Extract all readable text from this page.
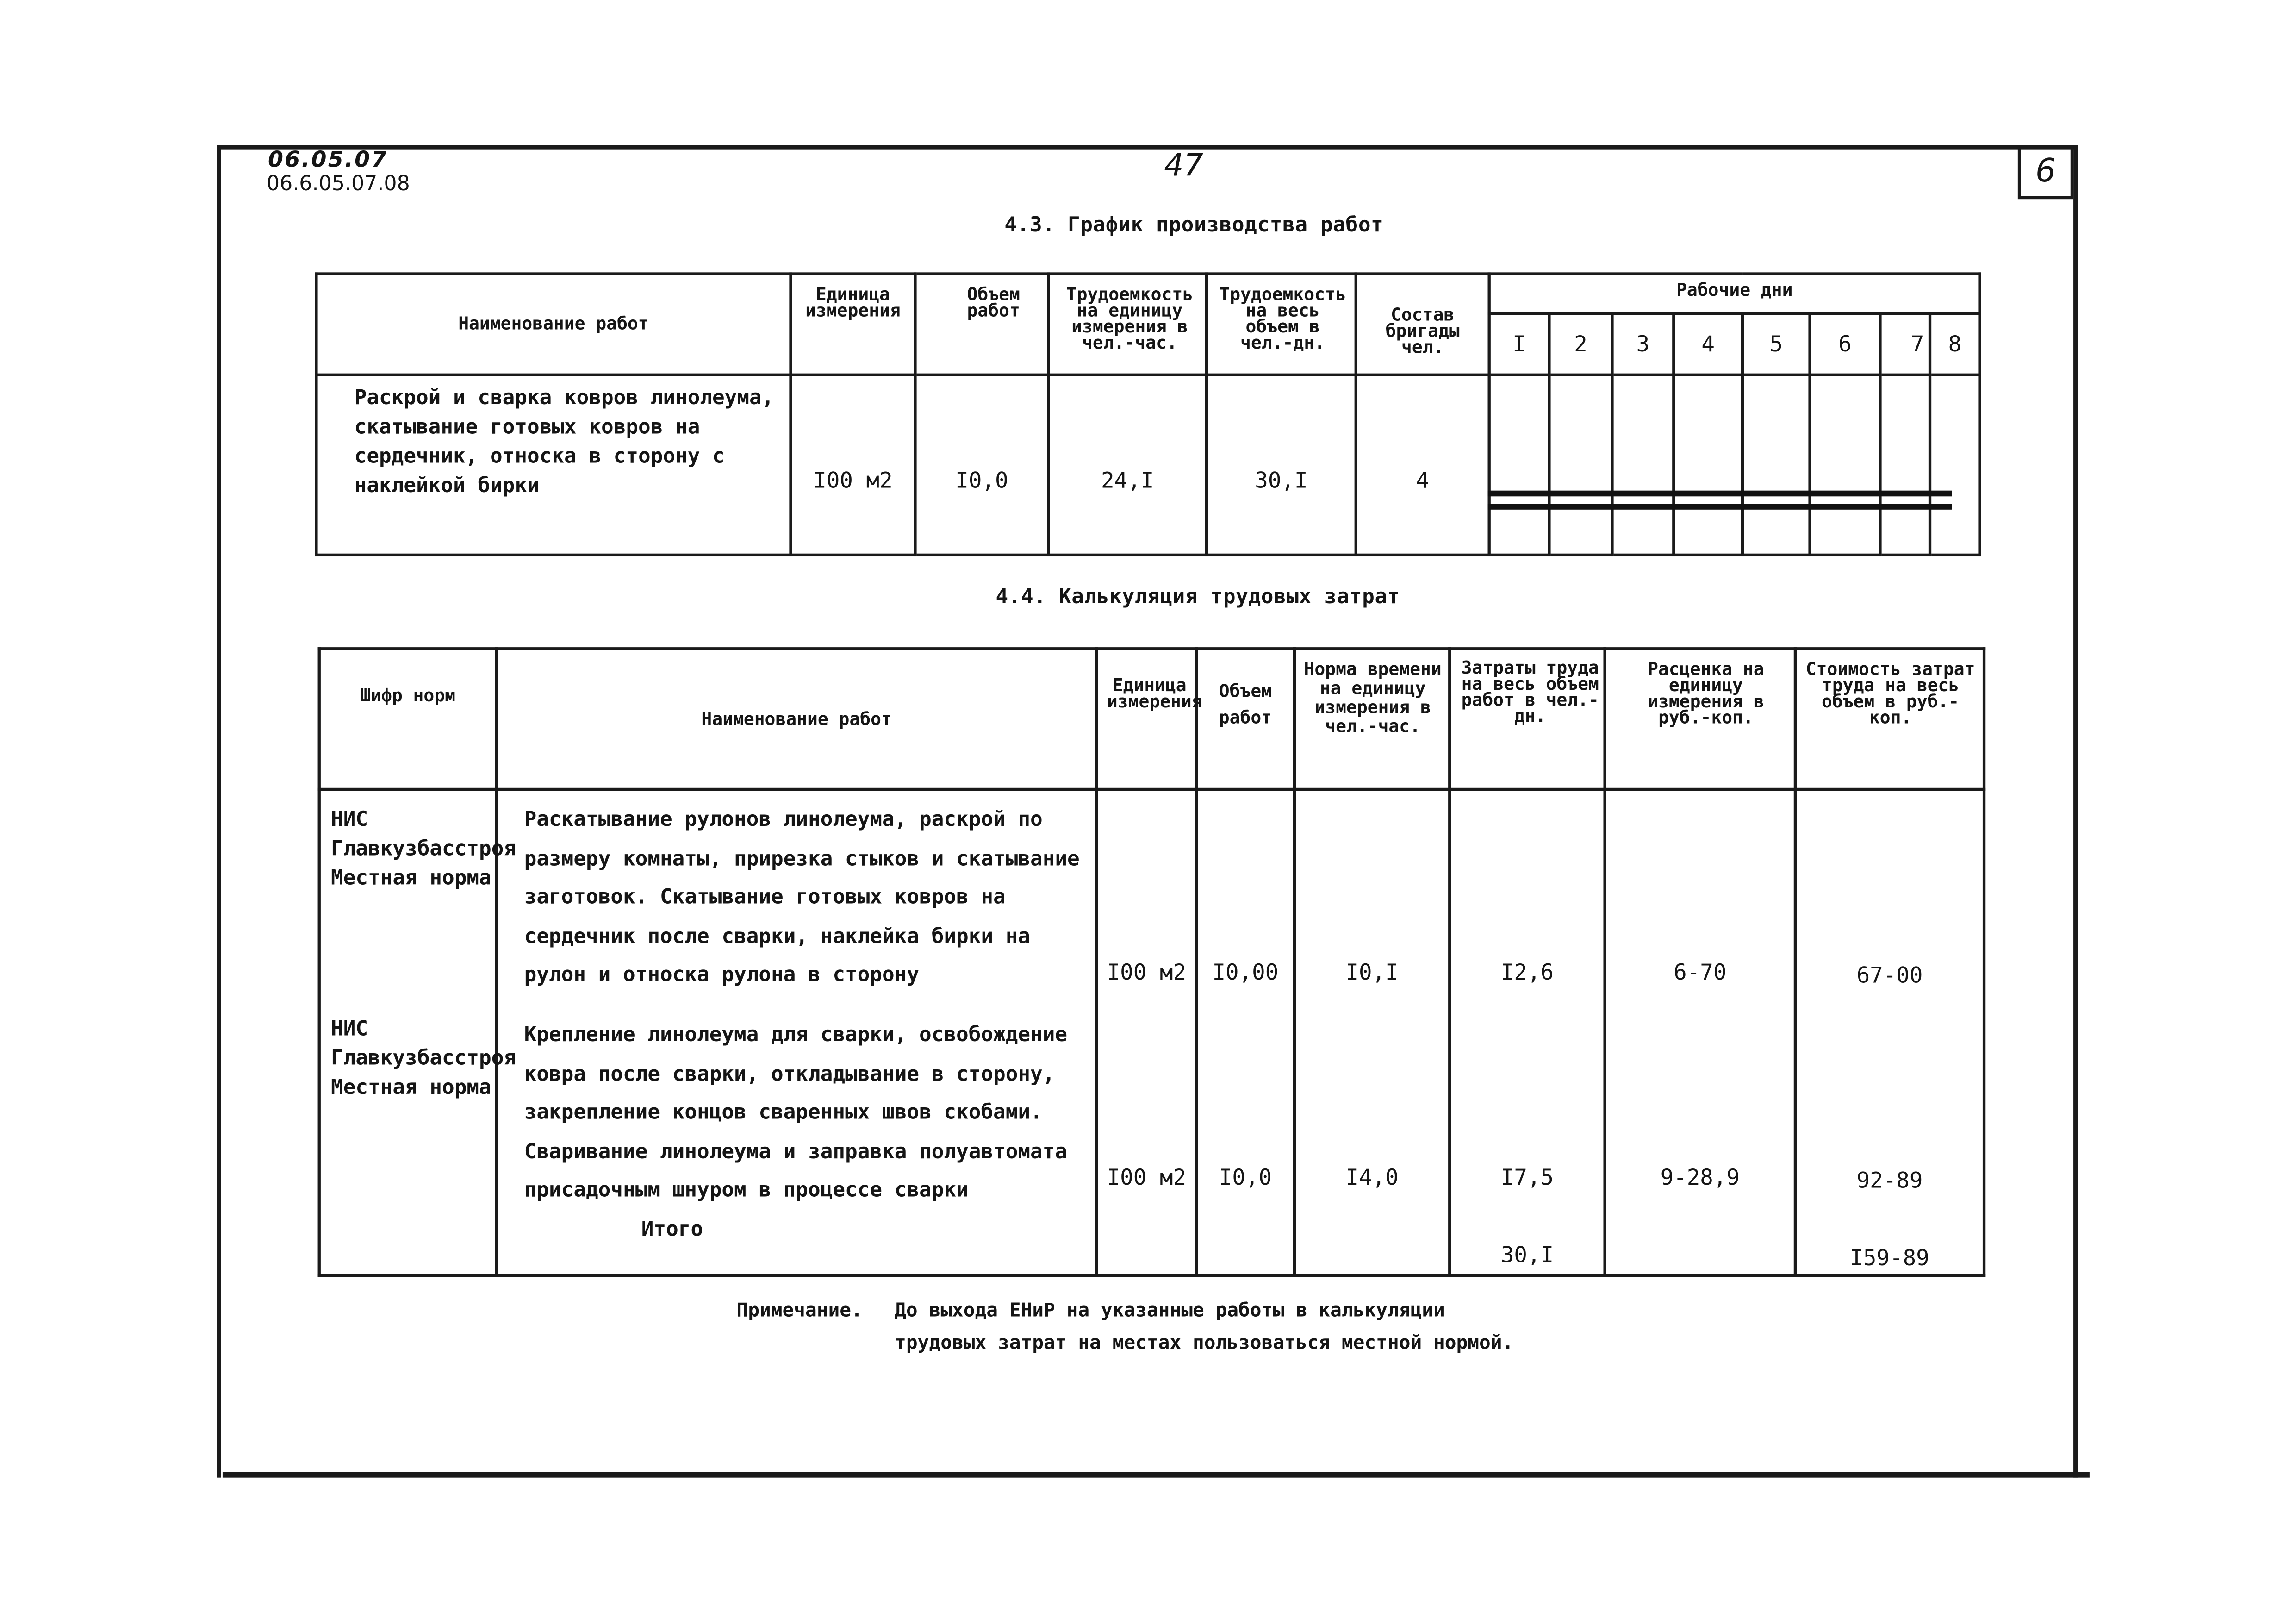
6
06.05.07
06.6.05.07.08
47
4.3. График производства работ
Наименование работ	Единица измерения	Объем работ	Трудоемкость на единицу измерения в чел.-час.	Трудоемкость на весь объем в чел.-дн.	Состав бригады чел.	Рабочие дни							
						I	2	3	4	5	6	7	8
Раскрой и сварка ковров линолеума, скатывание готовых ковров на сердечник, относка в сторону с наклейкой бирки	I00 м2	I0,0	24,I	30,I	4								
4.4. Калькуляция трудовых затрат
Шифр норм	Наименование работ	Единица измерения	Объем работ	Норма времени на единицу измерения в чел.-час.	Затраты труда на весь объем работ в чел.-дн.	Расценка на единицу измерения в руб.-коп.	Стоимость затрат труда на весь объем в руб.-коп.
НИС Главкузбасстроя Местная норма	Раскатывание рулонов линолеума, раскрой по размеру комнаты, прирезка стыков и скатывание заготовок. Скатывание готовых ковров на сердечник после сварки, наклейка бирки на рулон и относка рулона в сторону	I00 м2	I0,00	I0,I	I2,6	6-70	67-00
НИС Главкузбасстроя Местная норма	Крепление линолеума для сварки, освобождение ковра после сварки, откладывание в сторону, закрепление концов сваренных швов скобами. Сваривание линолеума и заправка полуавтомата присадочным шнуром в процессе сварки	I00 м2	I0,0	I4,0	I7,5	9-28,9	92-89
	Итого				30,I		I59-89
Примечание.	До выхода ЕНиР на указанные работы в калькуляции
трудовых затрат на местах пользоваться местной нормой.
